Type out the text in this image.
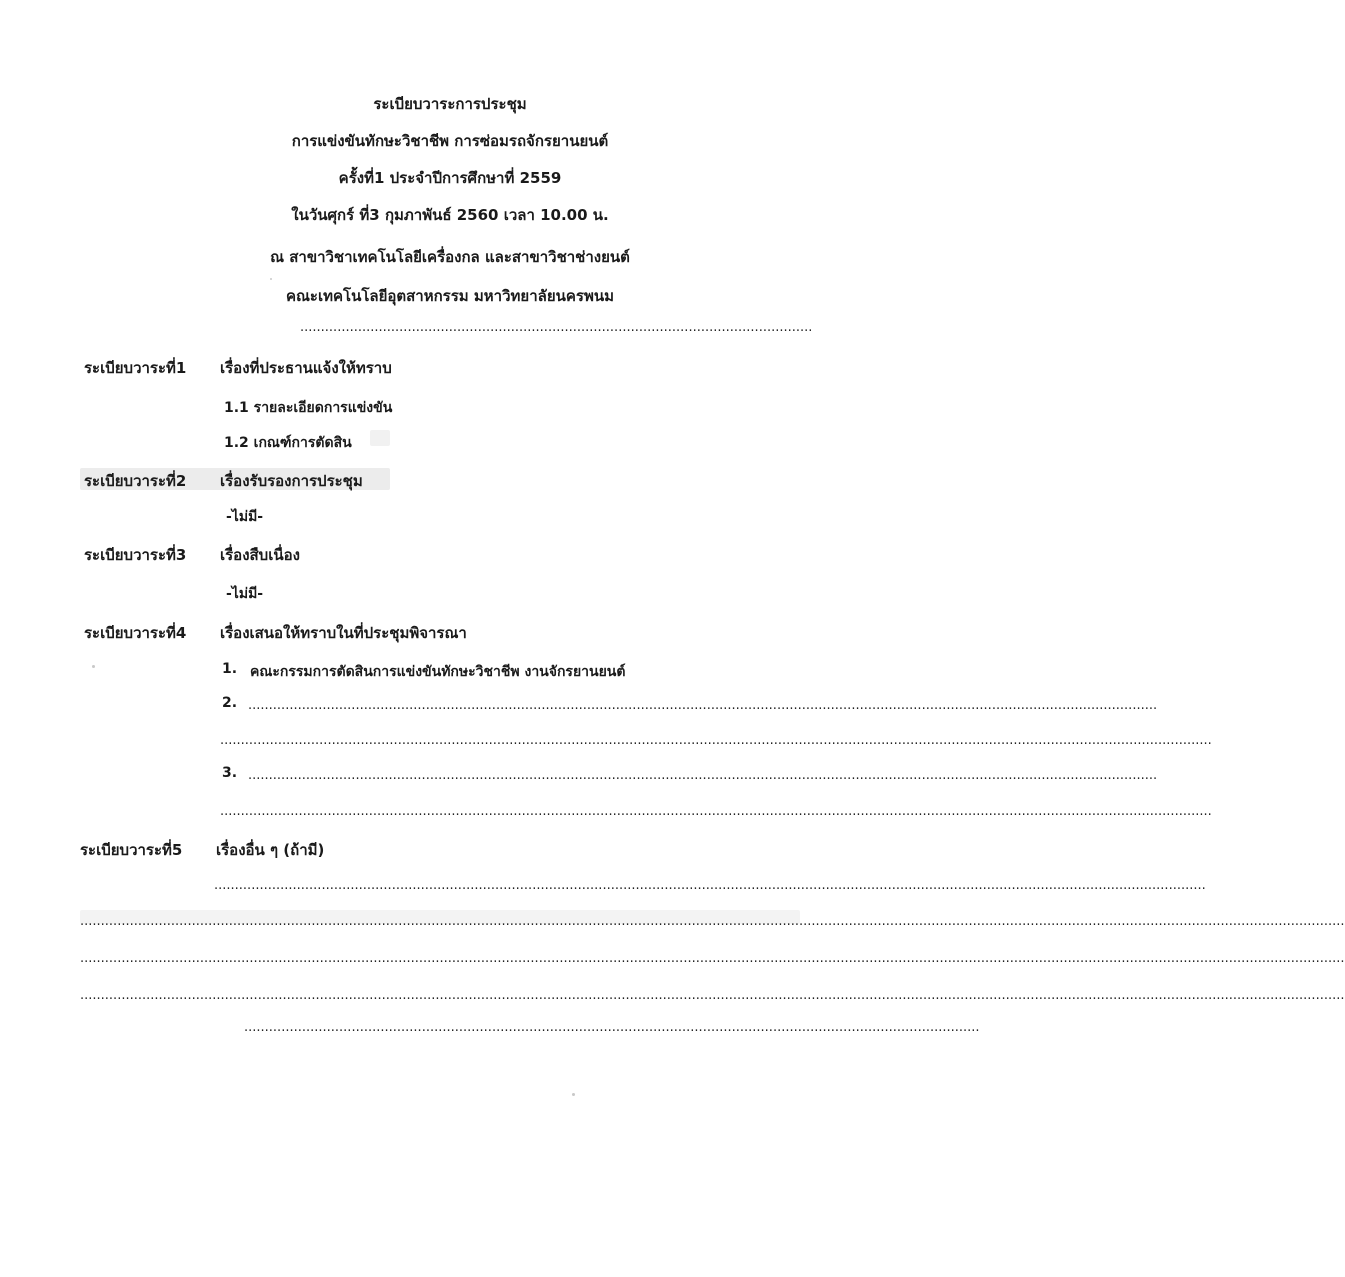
ระเบียบวาระการประชุม
การแข่งขันทักษะวิชาชีพ การซ่อมรถจักรยานยนต์
ครั้งที่1 ประจำปีการศึกษาที่ 2559
ในวันศุกร์ ที่3 กุมภาพันธ์ 2560 เวลา 10.00 น.
ณ สาขาวิชาเทคโนโลยีเครื่องกล และสาขาวิชาช่างยนต์
คณะเทคโนโลยีอุตสาหกรรม มหาวิทยาลัยนครพนม
............................................................................................................................
ระเบียบวาระที่1 เรื่องที่ประธานแจ้งให้ทราบ
1.1 รายละเอียดการแข่งขัน
1.2 เกณฑ์การตัดสิน
ระเบียบวาระที่2 เรื่องรับรองการประชุม
-ไม่มี-
ระเบียบวาระที่3 เรื่องสืบเนื่อง
-ไม่มี-
ระเบียบวาระที่4 เรื่องเสนอให้ทราบในที่ประชุมพิจารณา
1. คณะกรรมการตัดสินการแข่งขันทักษะวิชาชีพ งานจักรยานยนต์
2. ............................................................................................................................................................................................................................
................................................................................................................................................................................................................................................
3. ............................................................................................................................................................................................................................
................................................................................................................................................................................................................................................
ระเบียบวาระที่5 เรื่องอื่น ๆ (ถ้ามี)
................................................................................................................................................................................................................................................
..................................................................................................................................................................................................................................................................................................................
..................................................................................................................................................................................................................................................................................................................
..................................................................................................................................................................................................................................................................................................................
..................................................................................................................................................................................
